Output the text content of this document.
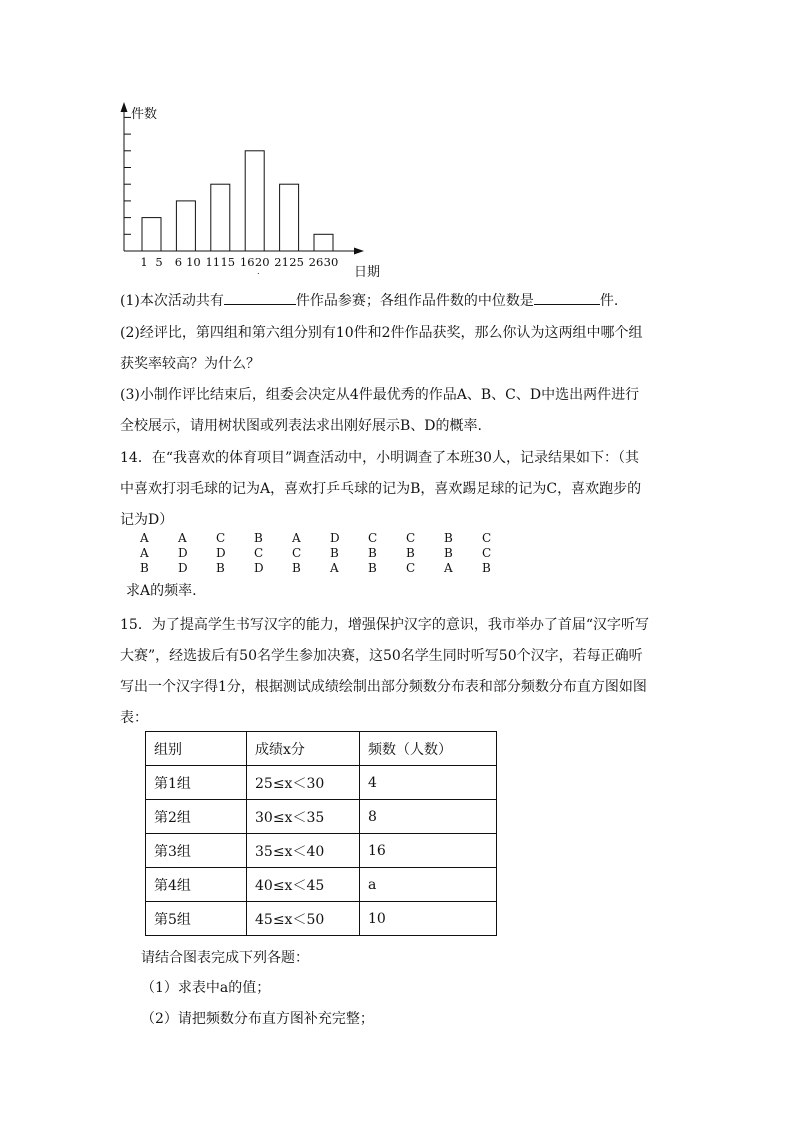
1 5 6 10 11 15 16 20 21 25 26 30
件数
日期
.
(1)本次活动共有	件作品参赛；各组作品件数的中位数是	件.
(2)经评比，第四组和第六组分别有10件和2件作品获奖，那么你认为这两组中哪个组
获奖率较高？为什么？
(3)小制作评比结束后，组委会决定从4件最优秀的作品A、B、C、D中选出两件进行
全校展示，请用树状图或列表法求出刚好展示B、D的概率.
14．在“我喜欢的体育项目”调查活动中，小明调查了本班30人，记录结果如下：（其
中喜欢打羽毛球的记为A，喜欢打乒乓球的记为B，喜欢踢足球的记为C，喜欢跑步的
记为D）
A	A	C	B	A	D	C	C	B	C
A	D	D	C	C	B	B	B	B	C
B	D	B	D	B	A	B	C	A	B
求A的频率.
15．为了提高学生书写汉字的能力，增强保护汉字的意识，我市举办了首届“汉字听写
大赛”，经选拔后有50名学生参加决赛，这50名学生同时听写50个汉字，若每正确听
写出一个汉字得1分，根据测试成绩绘制出部分频数分布表和部分频数分布直方图如图
表：
组别	成绩x分	频数（人数）
第1组	25≤x＜30	4
第2组	30≤x＜35	8
第3组	35≤x＜40	16
第4组	40≤x＜45	a
第5组	45≤x＜50	10
请结合图表完成下列各题：
（1）求表中a的值；
（2）请把频数分布直方图补充完整；
